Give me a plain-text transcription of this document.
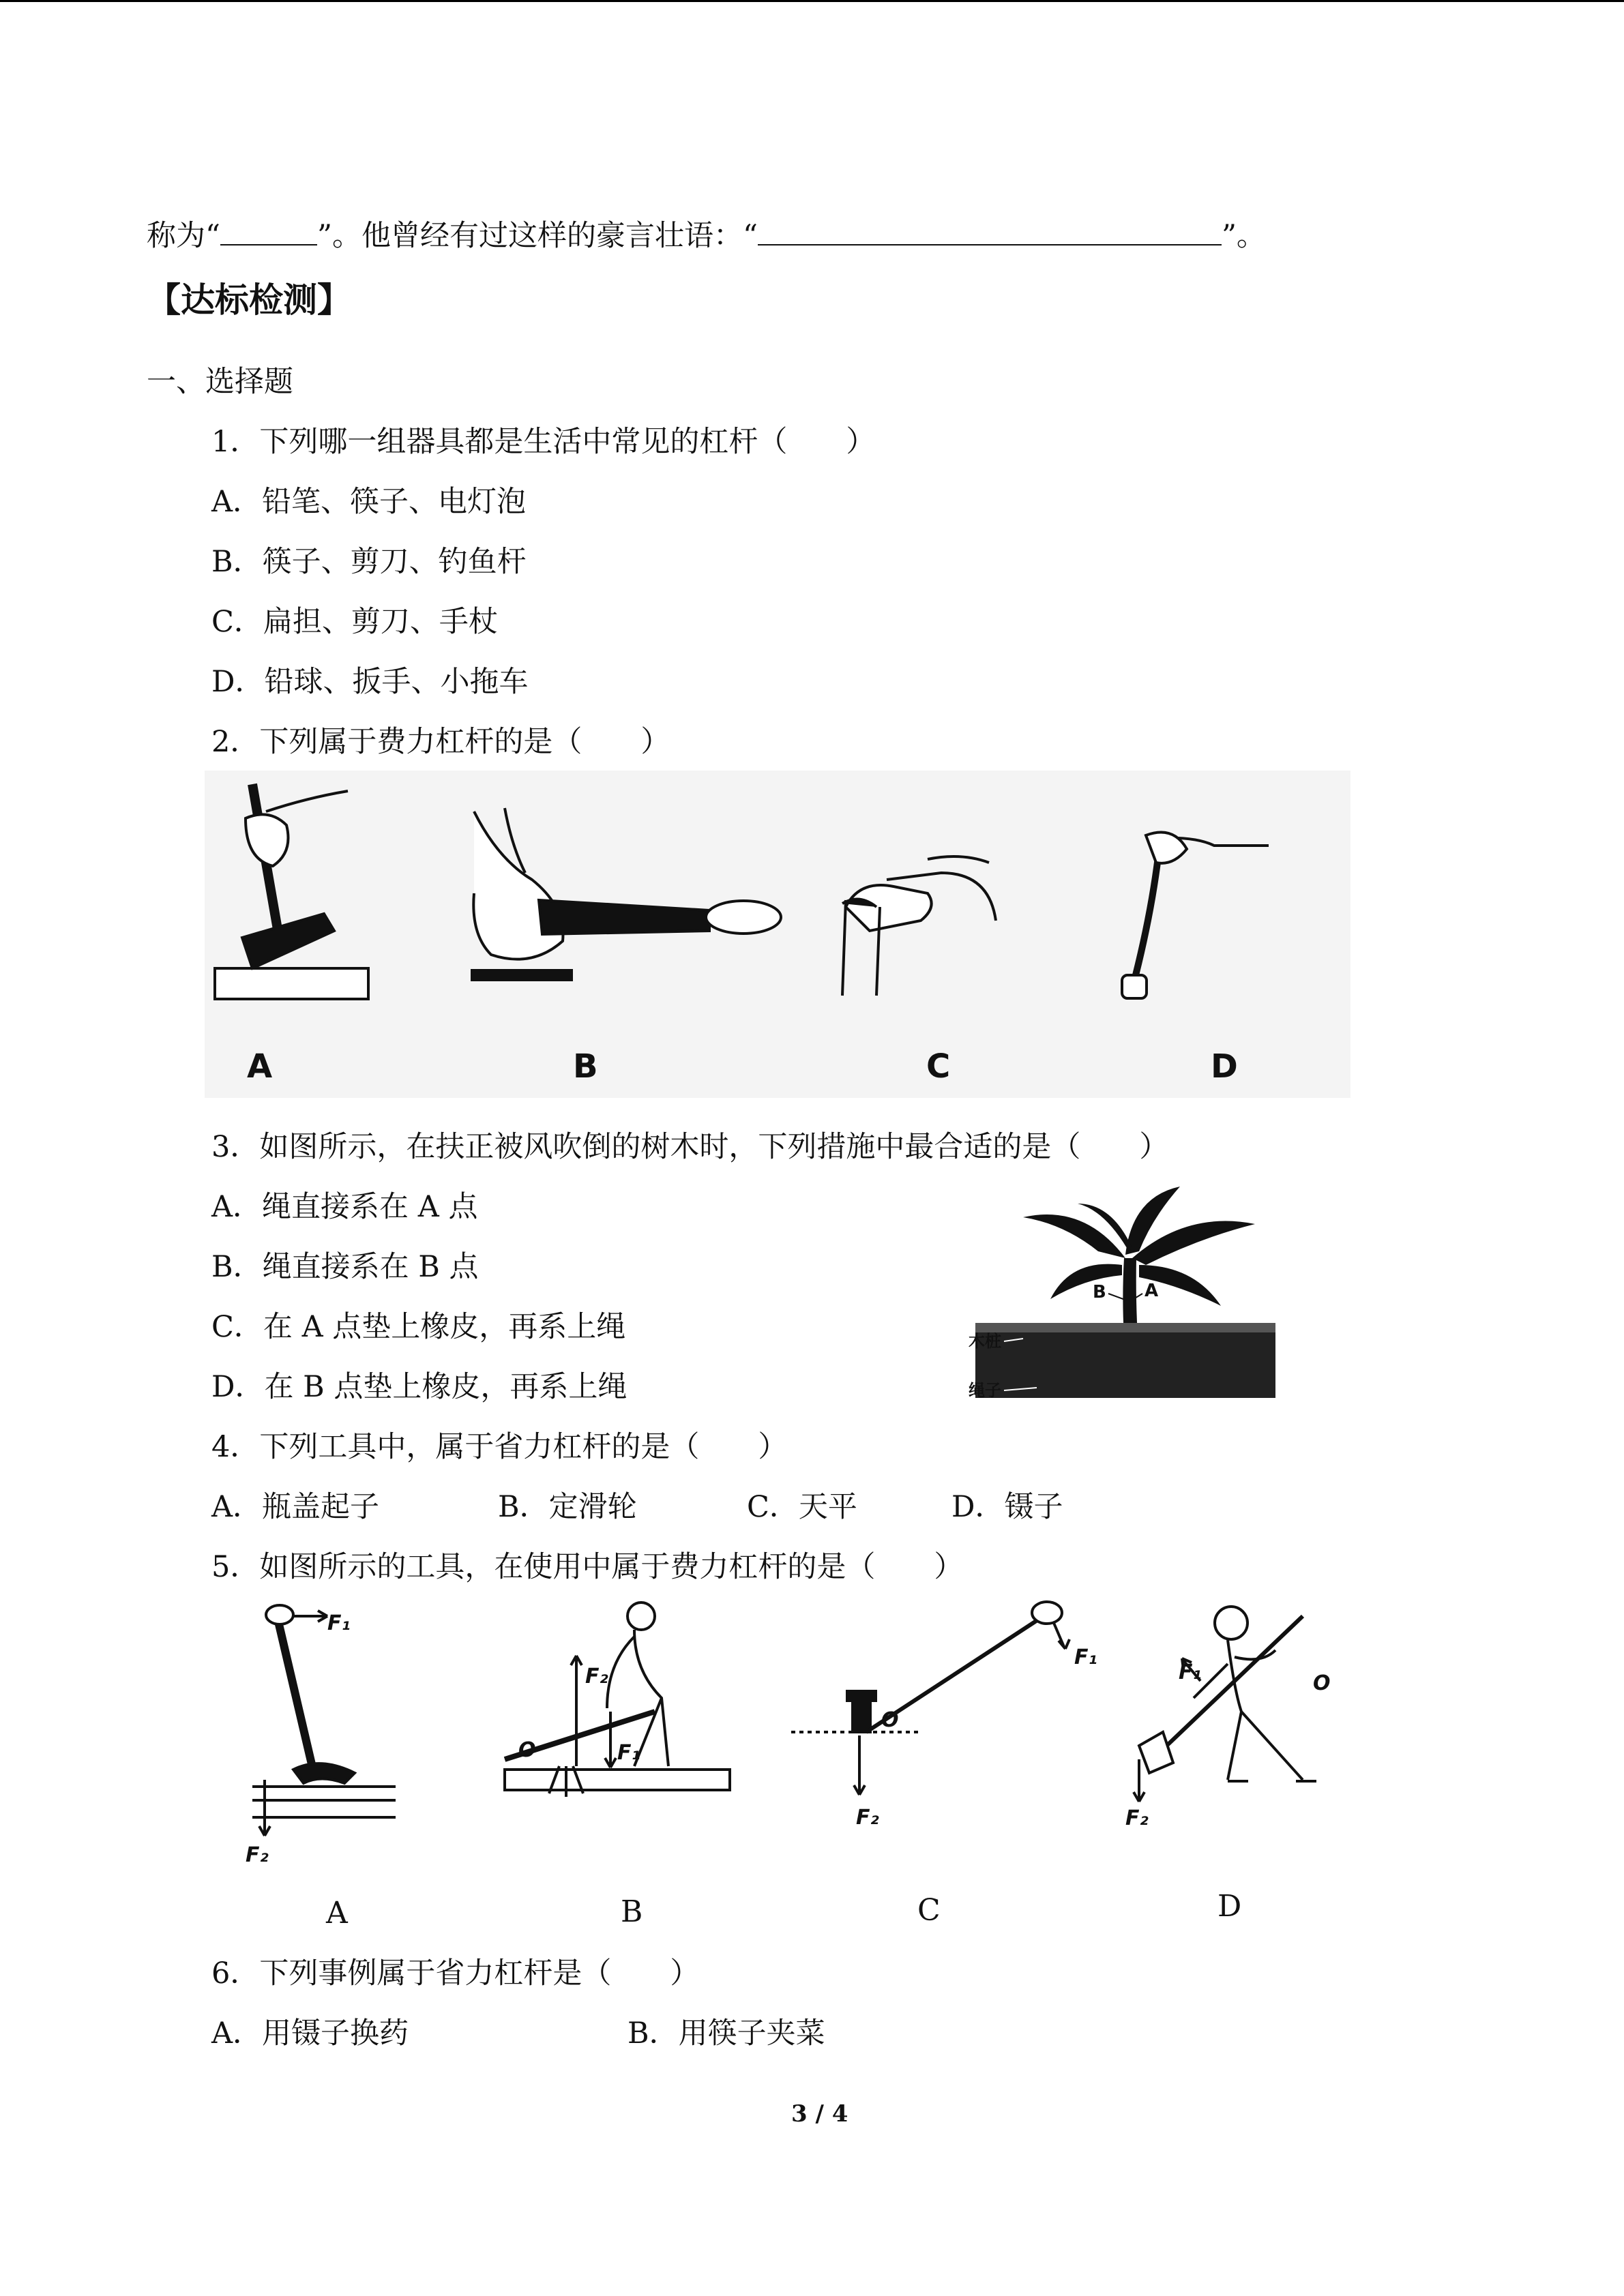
称为“	”。他曾经有过这样的豪言壮语：“	”。
【达标检测】
一、选择题
1．下列哪一组器具都是生活中常见的杠杆（　　）
A．铅笔、筷子、电灯泡
B．筷子、剪刀、钓鱼杆
C．扁担、剪刀、手杖
D．铅球、扳手、小拖车
2．下列属于费力杠杆的是（　　）
A	B	C	D
3．如图所示，在扶正被风吹倒的树木时，下列措施中最合适的是（　　）
A．绳直接系在 A 点
B．绳直接系在 B 点
C．在 A 点垫上橡皮，再系上绳
D．在 B 点垫上橡皮，再系上绳
B A
木桩
绳子
4．下列工具中，属于省力杠杆的是（　　）
A．瓶盖起子	B．定滑轮	C．天平	D．镊子
5．如图所示的工具，在使用中属于费力杠杆的是（　　）
F₁
F₂
A
F₂
F₁
O
B
F₁
F₂
O
C
F₁
F₂
O
D
6．下列事例属于省力杠杆是（　　）
A．用镊子换药	B．用筷子夹菜
3 / 4
